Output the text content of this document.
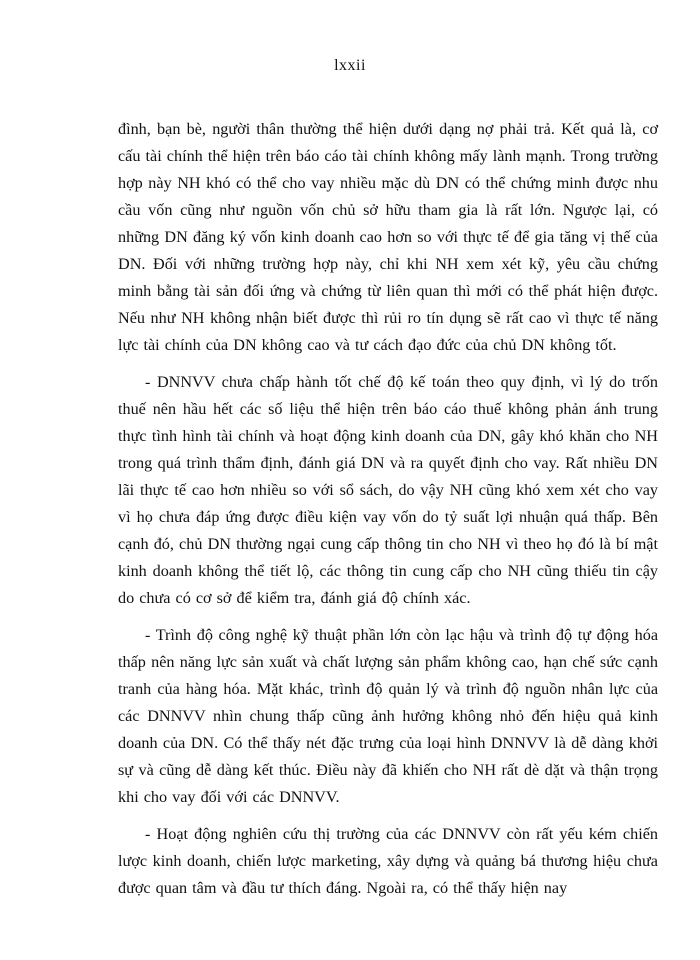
lxxii

đình, bạn bè, người thân thường thể hiện dưới dạng nợ phải trả. Kết quả là, cơ cấu tài chính thể hiện trên báo cáo tài chính không mấy lành mạnh. Trong trường hợp này NH khó có thể cho vay nhiều mặc dù DN có thể chứng minh được nhu cầu vốn cũng như nguồn vốn chủ sở hữu tham gia là rất lớn. Ngược lại, có những DN đăng ký vốn kinh doanh cao hơn so với thực tế để gia tăng vị thế của DN. Đối với những trường hợp này, chỉ khi NH xem xét kỹ, yêu cầu chứng minh bằng tài sản đối ứng và chứng từ liên quan thì mới có thể phát hiện được. Nếu như NH không nhận biết được thì rủi ro tín dụng sẽ rất cao vì thực tế năng lực tài chính của DN không cao và tư cách đạo đức của chủ DN không tốt.

- DNNVV chưa chấp hành tốt chế độ kế toán theo quy định, vì lý do trốn thuế nên hầu hết các số liệu thể hiện trên báo cáo thuế không phản ánh trung thực tình hình tài chính và hoạt động kinh doanh của DN, gây khó khăn cho NH trong quá trình thẩm định, đánh giá DN và ra quyết định cho vay. Rất nhiều DN lãi thực tế cao hơn nhiều so với sổ sách, do vậy NH cũng khó xem xét cho vay vì họ chưa đáp ứng được điều kiện vay vốn do tỷ suất lợi nhuận quá thấp. Bên cạnh đó, chủ DN thường ngại cung cấp thông tin cho NH vì theo họ đó là bí mật kinh doanh không thể tiết lộ, các thông tin cung cấp cho NH cũng thiếu tin cậy do chưa có cơ sở để kiểm tra, đánh giá độ chính xác.

- Trình độ công nghệ kỹ thuật phần lớn còn lạc hậu và trình độ tự động hóa thấp nên năng lực sản xuất và chất lượng sản phẩm không cao, hạn chế sức cạnh tranh của hàng hóa. Mặt khác, trình độ quản lý và trình độ nguồn nhân lực của các DNNVV nhìn chung thấp cũng ảnh hưởng không nhỏ đến hiệu quả kinh doanh của DN. Có thể thấy nét đặc trưng của loại hình DNNVV là dễ dàng khởi sự và cũng dễ dàng kết thúc. Điều này đã khiến cho NH rất dè dặt và thận trọng khi cho vay đối với các DNNVV.

- Hoạt động nghiên cứu thị trường của các DNNVV còn rất yếu kém chiến lược kinh doanh, chiến lược marketing, xây dựng và quảng bá thương hiệu chưa được quan tâm và đầu tư thích đáng. Ngoài ra, có thể thấy hiện nay
